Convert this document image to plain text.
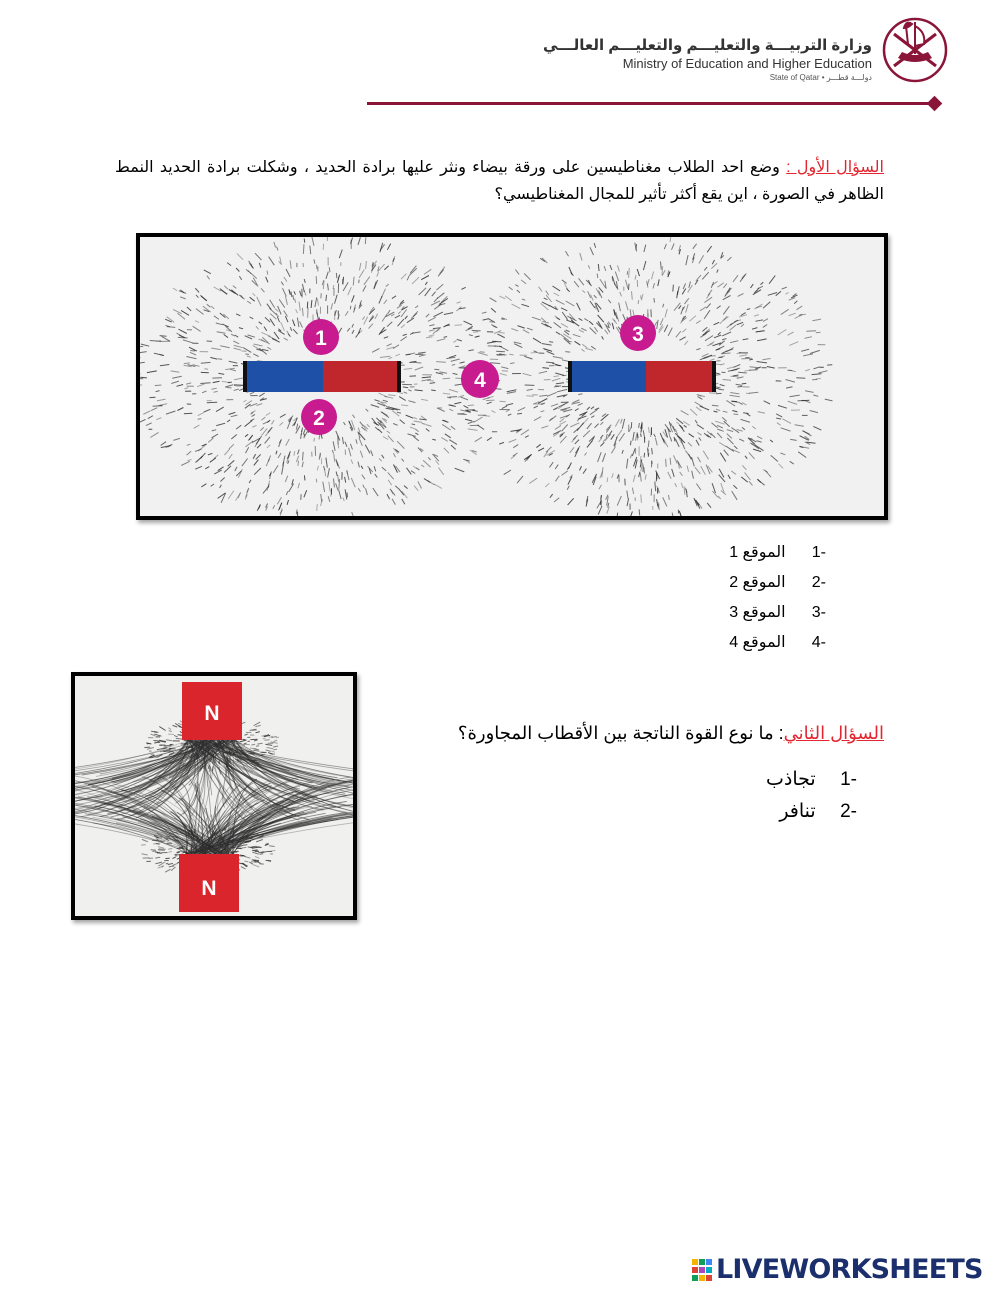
وزارة التربيـــة والتعليـــم والتعليـــم العالـــي
Ministry of Education and Higher Education
State of Qatar • دولـــة قطـــر
السؤال الأول : وضع احد الطلاب مغناطيسين على ورقة بيضاء ونثر عليها برادة الحديد ، وشكلت برادة الحديد النمط الظاهر في الصورة ، اين يقع أكثر تأثير للمجال المغناطيسي؟
1
2
3
4
-1 الموقع 1
-2 الموقع 2
-3 الموقع 3
-4 الموقع 4
N
N
السؤال الثاني: ما نوع القوة الناتجة بين الأقطاب المجاورة؟
-1 تجاذب
-2 تنافر
LIVEWORKSHEETS
